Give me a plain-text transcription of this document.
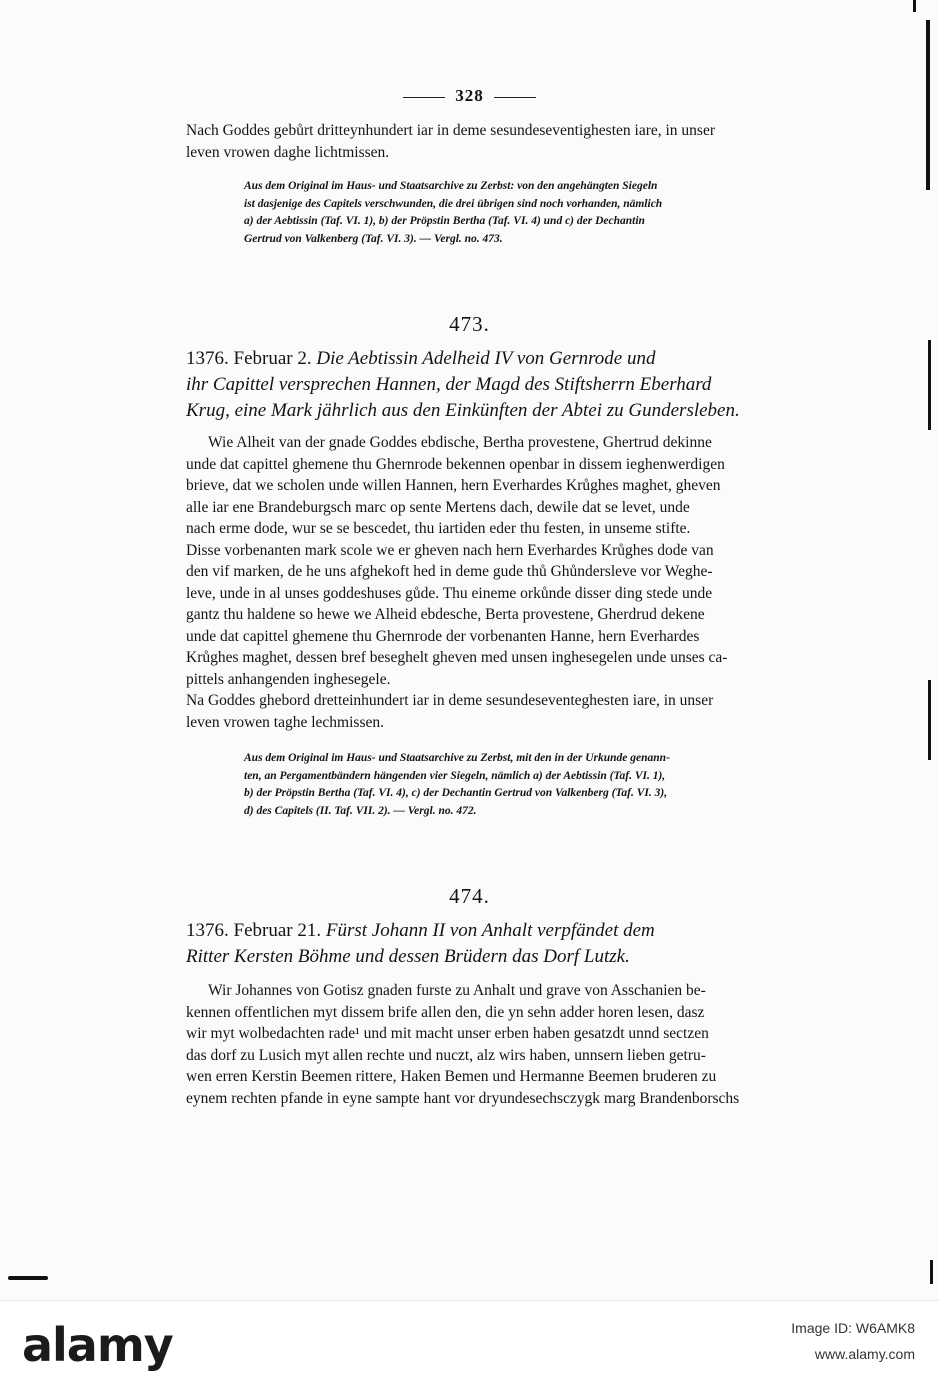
328
Nach Goddes gebůrt dritteynhundert iar in deme sesundeseventighesten iare, in unser
leven vrowen daghe lichtmissen.
Aus dem Original im Haus- und Staatsarchive zu Zerbst: von den angehängten Siegeln
ist dasjenige des Capitels verschwunden, die drei übrigen sind noch vorhanden, nämlich
a) der Aebtissin (Taf. VI. 1), b) der Pröpstin Bertha (Taf. VI. 4) und c) der Dechantin
Gertrud von Valkenberg (Taf. VI. 3). — Vergl. no. 473.
473.
1376. Februar 2. Die Aebtissin Adelheid IV von Gernrode und
ihr Capittel versprechen Hannen, der Magd des Stiftsherrn Eberhard
Krug, eine Mark jährlich aus den Einkünften der Abtei zu Gundersleben.
Wie Alheit van der gnade Goddes ebdische, Bertha provestene, Ghertrud dekinne
unde dat capittel ghemene thu Ghernrode bekennen openbar in dissem ieghenwerdigen
brieve, dat we scholen unde willen Hannen, hern Everhardes Krůghes maghet, gheven
alle iar ene Brandeburgsch marc op sente Mertens dach, dewile dat se levet, unde
nach erme dode, wur se se bescedet, thu iartiden eder thu festen, in unseme stifte.
Disse vorbenanten mark scole we er gheven nach hern Everhardes Krůghes dode van
den vif marken, de he uns afghekoft hed in deme gude thů Ghůndersleve vor Weghe-
leve, unde in al unses goddeshuses gůde. Thu eineme orkůnde disser ding stede unde
gantz thu haldene so hewe we Alheid ebdesche, Berta provestene, Gherdrud dekene
unde dat capittel ghemene thu Ghernrode der vorbenanten Hanne, hern Everhardes
Krůghes maghet, dessen bref beseghelt gheven med unsen inghesegelen unde unses ca-
pittels anhangenden inghesegele.
Na Goddes ghebord dretteinhundert iar in deme sesundeseventeghesten iare, in unser
leven vrowen taghe lechmissen.
Aus dem Original im Haus- und Staatsarchive zu Zerbst, mit den in der Urkunde genann-
ten, an Pergamentbändern hängenden vier Siegeln, nämlich a) der Aebtissin (Taf. VI. 1),
b) der Pröpstin Bertha (Taf. VI. 4), c) der Dechantin Gertrud von Valkenberg (Taf. VI. 3),
d) des Capitels (II. Taf. VII. 2). — Vergl. no. 472.
474.
1376. Februar 21. Fürst Johann II von Anhalt verpfändet dem
Ritter Kersten Böhme und dessen Brüdern das Dorf Lutzk.
Wir Johannes von Gotisz gnaden furste zu Anhalt und grave von Asschanien be-
kennen offentlichen myt dissem brife allen den, die yn sehn adder horen lesen, dasz
wir myt wolbedachten rade¹ und mit macht unser erben haben gesatzdt unnd sectzen
das dorf zu Lusich myt allen rechte und nuczt, alz wirs haben, unnsern lieben getru-
wen erren Kerstin Beemen rittere, Haken Bemen und Hermanne Beemen bruderen zu
eynem rechten pfande in eyne sampte hant vor dryundesechsczygk marg Brandenborschs
alamy	Image ID: W6AMK8
www.alamy.com
